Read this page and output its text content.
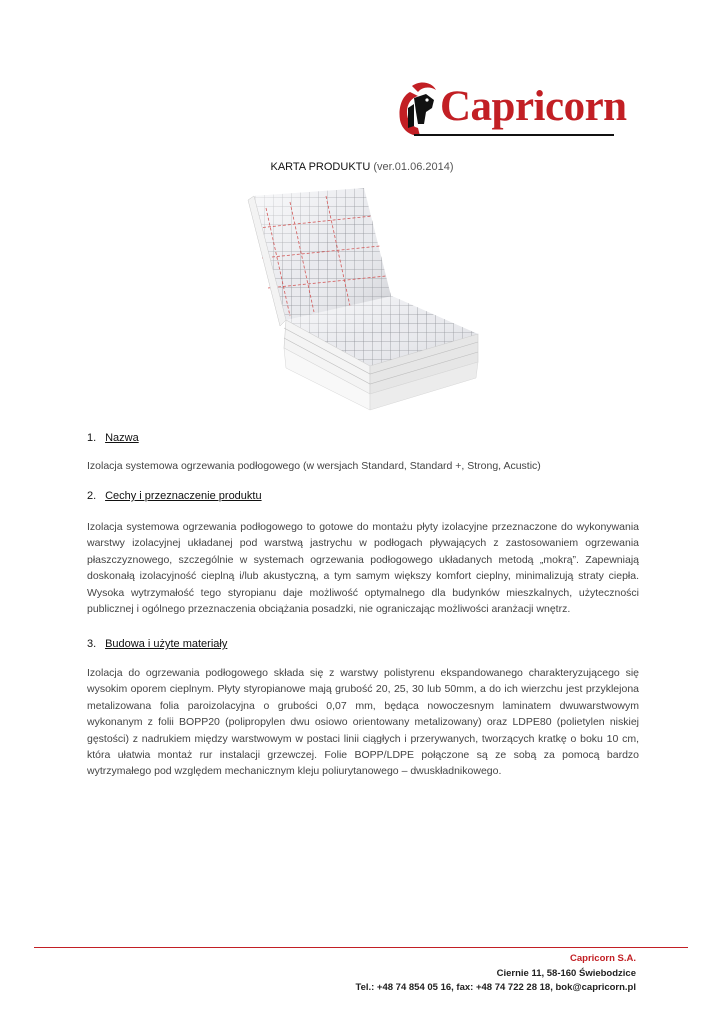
Capricorn
KARTA PRODUKTU (ver.01.06.2014)
1. Nazwa

Izolacja systemowa ogrzewania podłogowego (w wersjach Standard, Standard +, Strong, Acustic)

2. Cechy i przeznaczenie produktu

Izolacja systemowa ogrzewania podłogowego to gotowe do montażu płyty izolacyjne przeznaczone do wykonywania warstwy izolacyjnej układanej pod warstwą jastrychu w podłogach pływających z zastosowaniem ogrzewania płaszczyznowego, szczególnie w systemach ogrzewania podłogowego układanych metodą „mokrą”. Zapewniają doskonałą izolacyjność cieplną i/lub akustyczną, a tym samym większy komfort cieplny, minimalizują straty ciepła. Wysoka wytrzymałość tego styropianu daje możliwość optymalnego dla budynków mieszkalnych, użyteczności publicznej i ogólnego przeznaczenia obciążania posadzki, nie ograniczając możliwości aranżacji wnętrz.

3. Budowa i użyte materiały

Izolacja do ogrzewania podłogowego składa się z warstwy polistyrenu ekspandowanego charakteryzującego się wysokim oporem cieplnym. Płyty styropianowe mają grubość 20, 25, 30 lub 50mm, a do ich wierzchu jest przyklejona metalizowana folia paroizolacyjna o grubości 0,07 mm, będąca nowoczesnym laminatem dwuwarstwowym wykonanym z folii BOPP20 (polipropylen dwu osiowo orientowany metalizowany) oraz LDPE80 (polietylen niskiej gęstości) z nadrukiem między warstwowym w postaci linii ciągłych i przerywanych, tworzących kratkę o boku 10 cm, która ułatwia montaż rur instalacji grzewczej. Folie BOPP/LDPE połączone są ze sobą za pomocą bardzo wytrzymałego pod względem mechanicznym kleju poliurytanowego – dwuskładnikowego.

Capricorn S.A.
Ciernie 11, 58-160 Świebodzice
Tel.: +48 74 854 05 16, fax: +48 74 722 28 18, bok@capricorn.pl
